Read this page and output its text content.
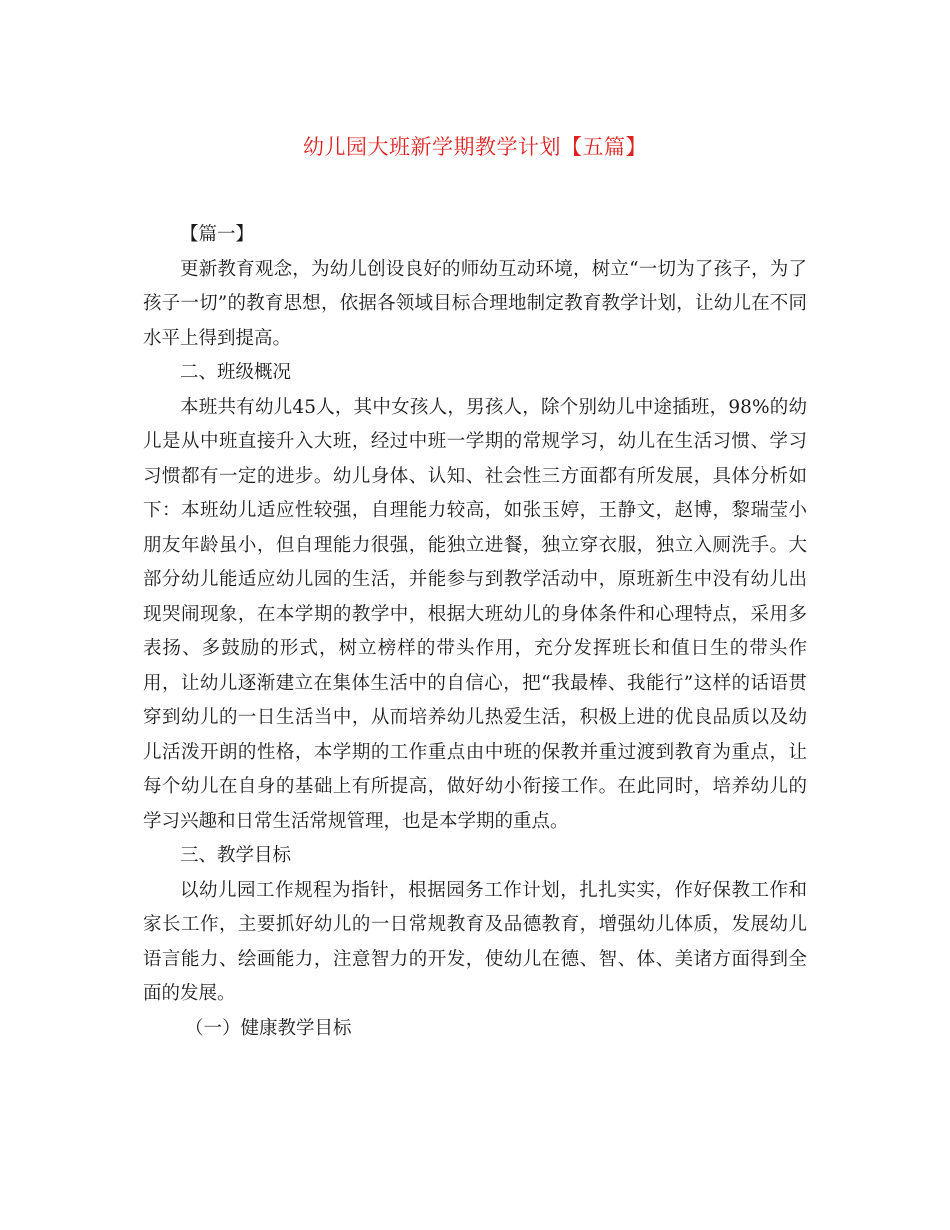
幼儿园大班新学期教学计划【五篇】

【篇一】

更新教育观念，为幼儿创设良好的师幼互动环境，树立“一切为了孩子，为了孩子一切”的教育思想，依据各领域目标合理地制定教育教学计划，让幼儿在不同水平上得到提高。

二、班级概况

本班共有幼儿45人，其中女孩人，男孩人，除个别幼儿中途插班，98%的幼儿是从中班直接升入大班，经过中班一学期的常规学习，幼儿在生活习惯、学习习惯都有一定的进步。幼儿身体、认知、社会性三方面都有所发展，具体分析如下：本班幼儿适应性较强，自理能力较高，如张玉婷，王静文，赵博，黎瑞莹小朋友年龄虽小，但自理能力很强，能独立进餐，独立穿衣服，独立入厕洗手。大部分幼儿能适应幼儿园的生活，并能参与到教学活动中，原班新生中没有幼儿出现哭闹现象，在本学期的教学中，根据大班幼儿的身体条件和心理特点，采用多表扬、多鼓励的形式，树立榜样的带头作用，充分发挥班长和值日生的带头作用，让幼儿逐渐建立在集体生活中的自信心，把“我最棒、我能行”这样的话语贯穿到幼儿的一日生活当中，从而培养幼儿热爱生活，积极上进的优良品质以及幼儿活泼开朗的性格，本学期的工作重点由中班的保教并重过渡到教育为重点，让每个幼儿在自身的基础上有所提高，做好幼小衔接工作。在此同时，培养幼儿的学习兴趣和日常生活常规管理，也是本学期的重点。

三、教学目标

以幼儿园工作规程为指针，根据园务工作计划，扎扎实实，作好保教工作和家长工作，主要抓好幼儿的一日常规教育及品德教育，增强幼儿体质，发展幼儿语言能力、绘画能力，注意智力的开发，使幼儿在德、智、体、美诸方面得到全面的发展。

（一）健康教学目标
